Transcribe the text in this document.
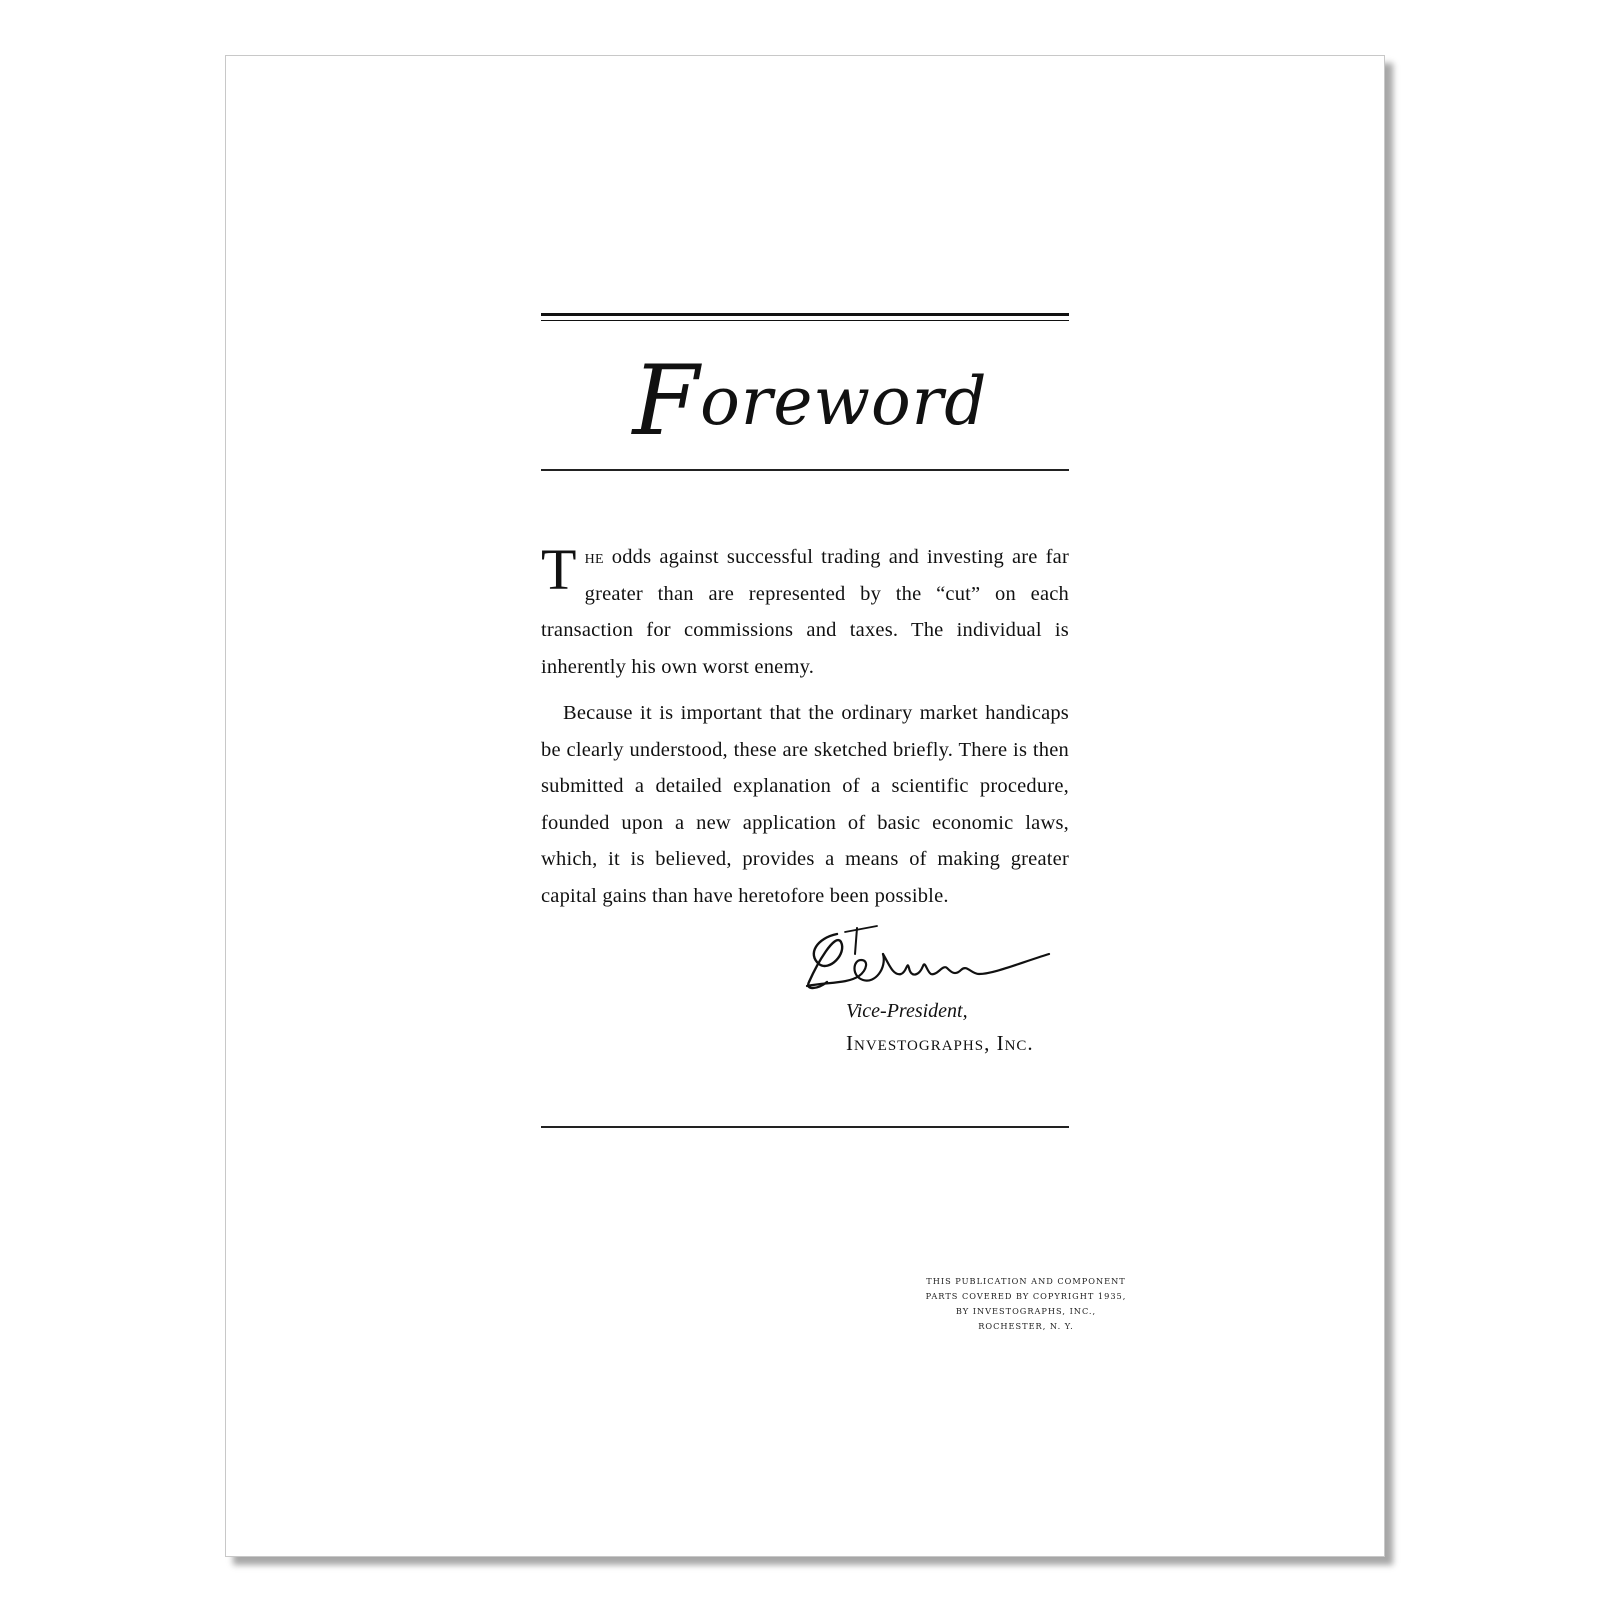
Foreword

The odds against successful trading and investing are far greater than are represented by the “cut” on each transaction for commissions and taxes. The individual is inherently his own worst enemy.

Because it is important that the ordinary market handicaps be clearly understood, these are sketched briefly. There is then submitted a detailed explanation of a scientific procedure, founded upon a new application of basic economic laws, which, it is believed, provides a means of making greater capital gains than have heretofore been possible.

Vice-President,
Investographs, Inc.
THIS PUBLICATION AND COMPONENT
PARTS COVERED BY COPYRIGHT 1935,
BY INVESTOGRAPHS, INC.,
ROCHESTER, N. Y.
